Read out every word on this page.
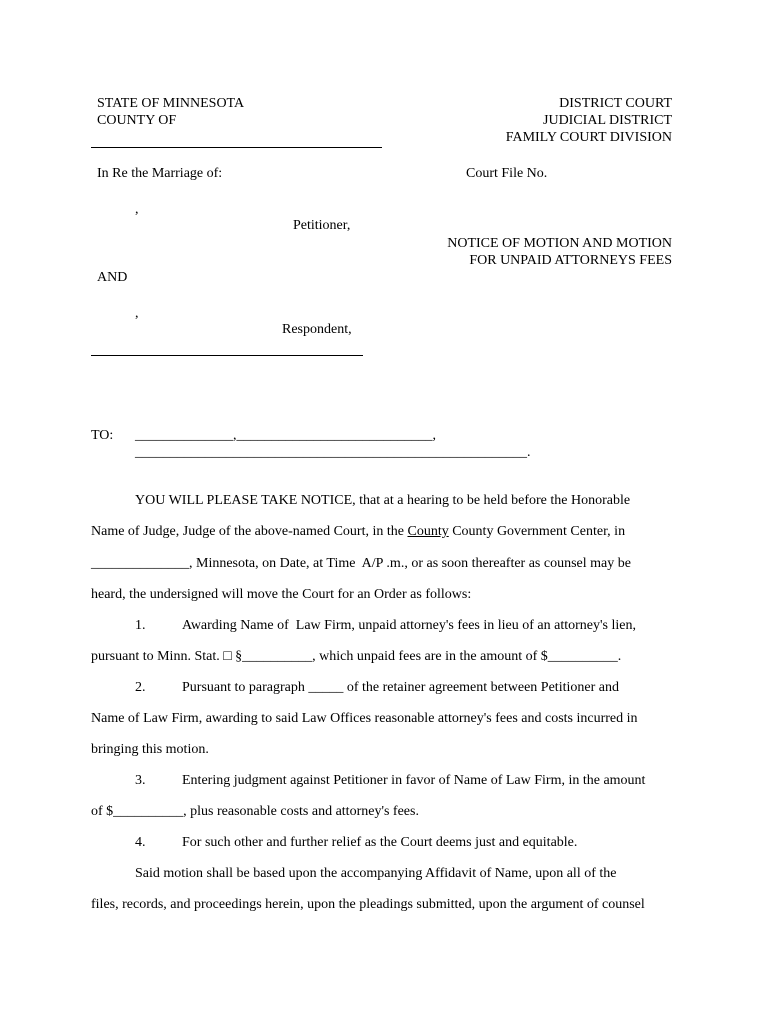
STATE OF MINNESOTA
COUNTY OF
DISTRICT COURT
JUDICIAL DISTRICT
FAMILY COURT DIVISION
In Re the Marriage of:	Court File No.
,
Petitioner,
NOTICE OF MOTION AND MOTION
FOR UNPAID ATTORNEYS FEES
AND
,
Respondent,
TO: ______________,____________________________,
________________________________________________________.
YOU WILL PLEASE TAKE NOTICE, that at a hearing to be held before the Honorable
Name of Judge, Judge of the above-named Court, in the County County Government Center, in
______________, Minnesota, on Date, at Time  A/P .m., or as soon thereafter as counsel may be
heard, the undersigned will move the Court for an Order as follows:
1.	Awarding Name of  Law Firm, unpaid attorney's fees in lieu of an attorney's lien,
pursuant to Minn. Stat. □ §__________, which unpaid fees are in the amount of $__________.
2.	Pursuant to paragraph _____ of the retainer agreement between Petitioner and
Name of Law Firm, awarding to said Law Offices reasonable attorney's fees and costs incurred in
bringing this motion.
3.	Entering judgment against Petitioner in favor of Name of Law Firm, in the amount
of $__________, plus reasonable costs and attorney's fees.
4.	For such other and further relief as the Court deems just and equitable.
Said motion shall be based upon the accompanying Affidavit of Name, upon all of the
files, records, and proceedings herein, upon the pleadings submitted, upon the argument of counsel
